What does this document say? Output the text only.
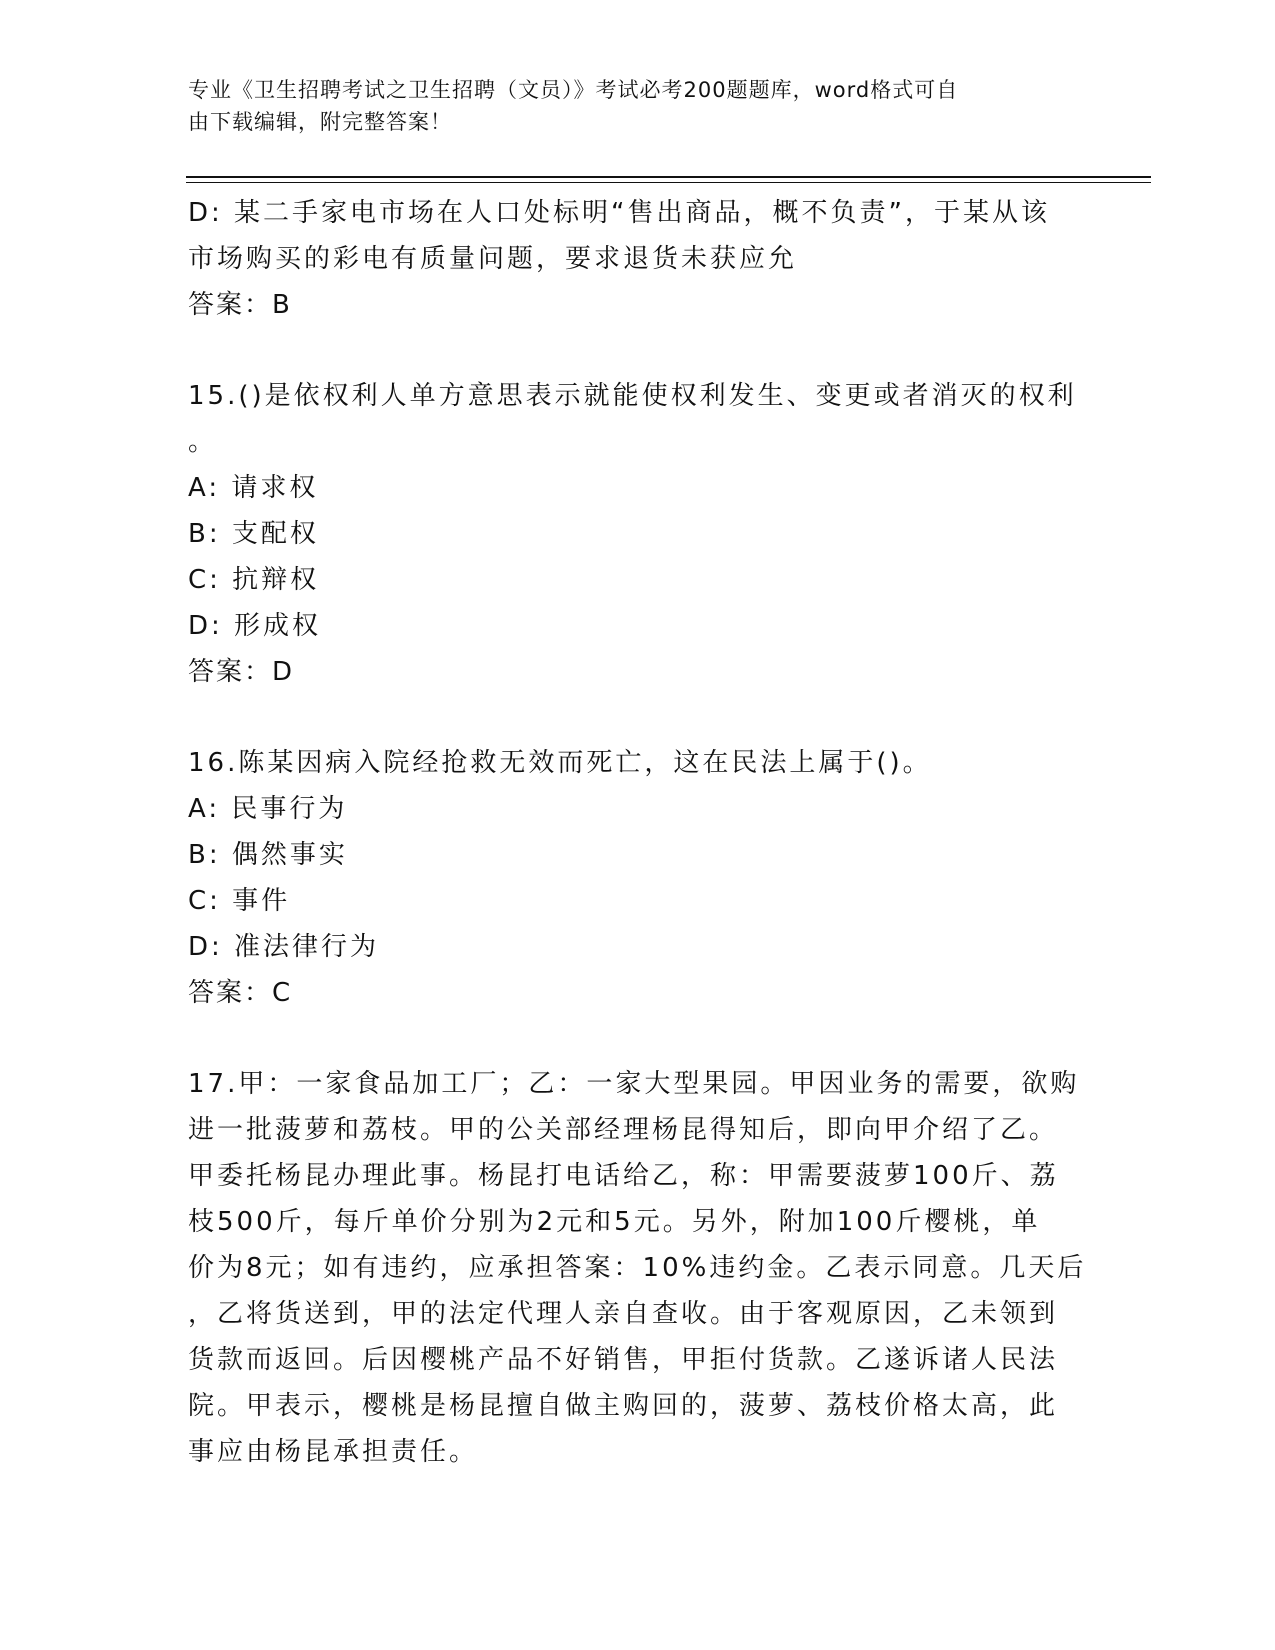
专业《卫生招聘考试之卫生招聘（文员）》考试必考200题题库，word格式可自
由下载编辑，附完整答案！
D: 某二手家电市场在人口处标明“售出商品，概不负责”，于某从该
市场购买的彩电有质量问题，要求退货未获应允
答案：B
15.()是依权利人单方意思表示就能使权利发生、变更或者消灭的权利
。
A: 请求权
B: 支配权
C: 抗辩权
D: 形成权
答案：D
16.陈某因病入院经抢救无效而死亡，这在民法上属于()。
A: 民事行为
B: 偶然事实
C: 事件
D: 准法律行为
答案：C
17.甲：一家食品加工厂；乙：一家大型果园。甲因业务的需要，欲购
进一批菠萝和荔枝。甲的公关部经理杨昆得知后，即向甲介绍了乙。
甲委托杨昆办理此事。杨昆打电话给乙，称：甲需要菠萝100斤、荔
枝500斤，每斤单价分别为2元和5元。另外，附加100斤樱桃，单
价为8元；如有违约，应承担答案：10%违约金。乙表示同意。几天后
，乙将货送到，甲的法定代理人亲自查收。由于客观原因，乙未领到
货款而返回。后因樱桃产品不好销售，甲拒付货款。乙遂诉诸人民法
院。甲表示，樱桃是杨昆擅自做主购回的，菠萝、荔枝价格太高，此
事应由杨昆承担责任。
